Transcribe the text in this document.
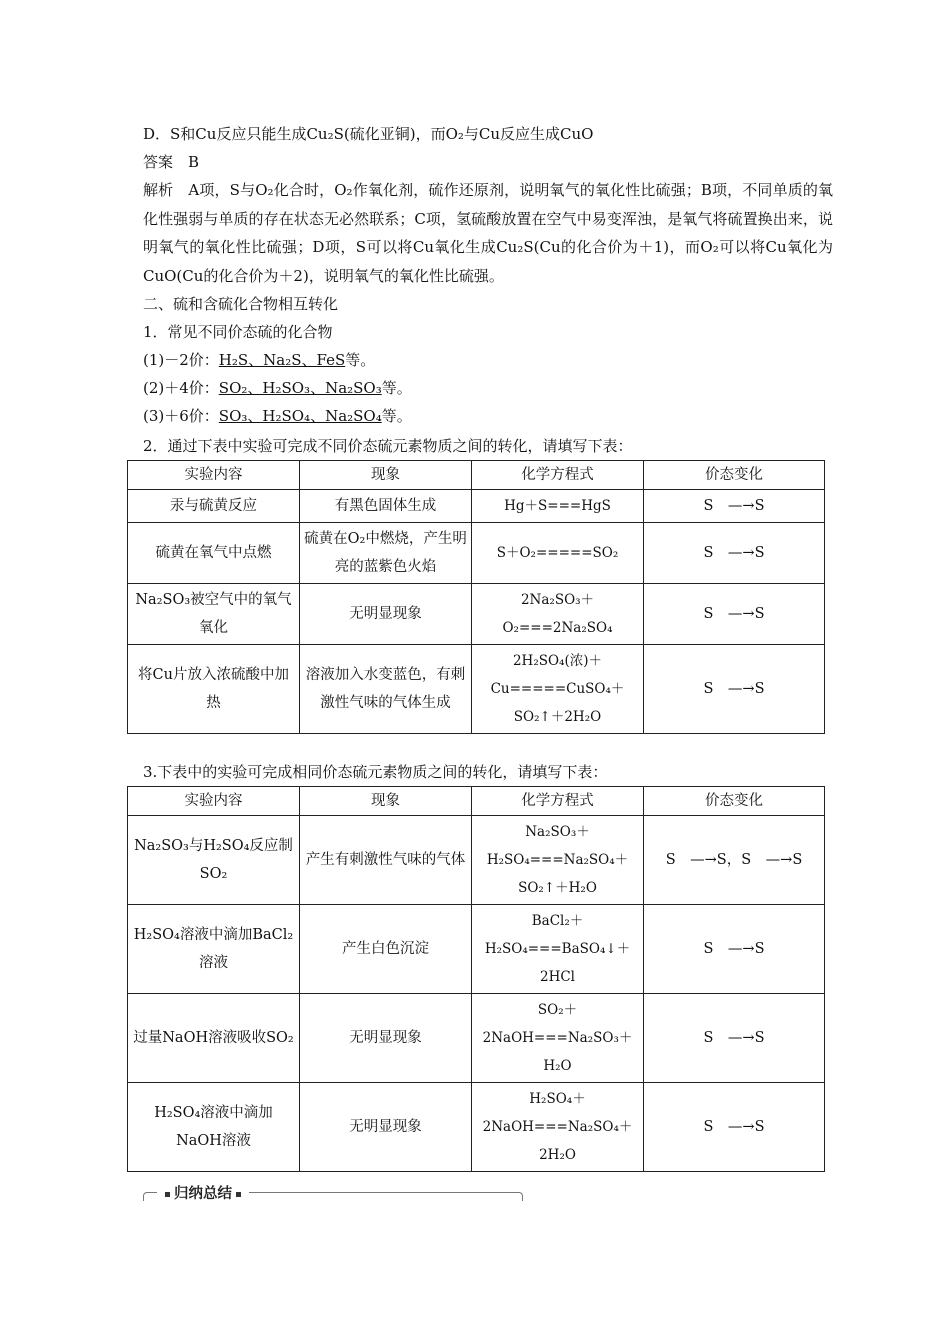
D．S和Cu反应只能生成Cu₂S(硫化亚铜)，而O₂与Cu反应生成CuO
答案　B
解析　A项，S与O₂化合时，O₂作氧化剂，硫作还原剂，说明氧气的氧化性比硫强；B项，不同单质的氧化性强弱与单质的存在状态无必然联系；C项，氢硫酸放置在空气中易变浑浊，是氧气将硫置换出来，说明氧气的氧化性比硫强；D项，S可以将Cu氧化生成Cu₂S(Cu的化合价为＋1)，而O₂可以将Cu氧化为CuO(Cu的化合价为＋2)，说明氧气的氧化性比硫强。
二、硫和含硫化合物相互转化
1．常见不同价态硫的化合物
(1)－2价：H₂S、Na₂S、FeS等。
(2)＋4价：SO₂、H₂SO₃、Na₂SO₃等。
(3)＋6价：SO₃、H₂SO₄、Na₂SO₄等。
2．通过下表中实验可完成不同价态硫元素物质之间的转化，请填写下表：
实验内容	现象	化学方程式	价态变化
汞与硫黄反应	有黑色固体生成	Hg＋S===HgS	S　—→S
硫黄在氧气中点燃	硫黄在O₂中燃烧，产生明亮的蓝紫色火焰	S＋O₂=====SO₂	S　—→S
Na₂SO₃被空气中的氧气氧化	无明显现象	2Na₂SO₃＋O₂===2Na₂SO₄	S　—→S
将Cu片放入浓硫酸中加热	溶液加入水变蓝色，有刺激性气味的气体生成	2H₂SO₄(浓)＋Cu=====CuSO₄＋SO₂↑＋2H₂O	S　—→S
3.下表中的实验可完成相同价态硫元素物质之间的转化，请填写下表：
实验内容	现象	化学方程式	价态变化
Na₂SO₃与H₂SO₄反应制SO₂	产生有刺激性气味的气体	Na₂SO₃＋H₂SO₄===Na₂SO₄＋SO₂↑＋H₂O	S　—→S，S　—→S
H₂SO₄溶液中滴加BaCl₂溶液	产生白色沉淀	BaCl₂＋H₂SO₄===BaSO₄↓＋2HCl	S　—→S
过量NaOH溶液吸收SO₂	无明显现象	SO₂＋2NaOH===Na₂SO₃＋H₂O	S　—→S
H₂SO₄溶液中滴加NaOH溶液	无明显现象	H₂SO₄＋2NaOH===Na₂SO₄＋2H₂O	S　—→S
归纳总结
